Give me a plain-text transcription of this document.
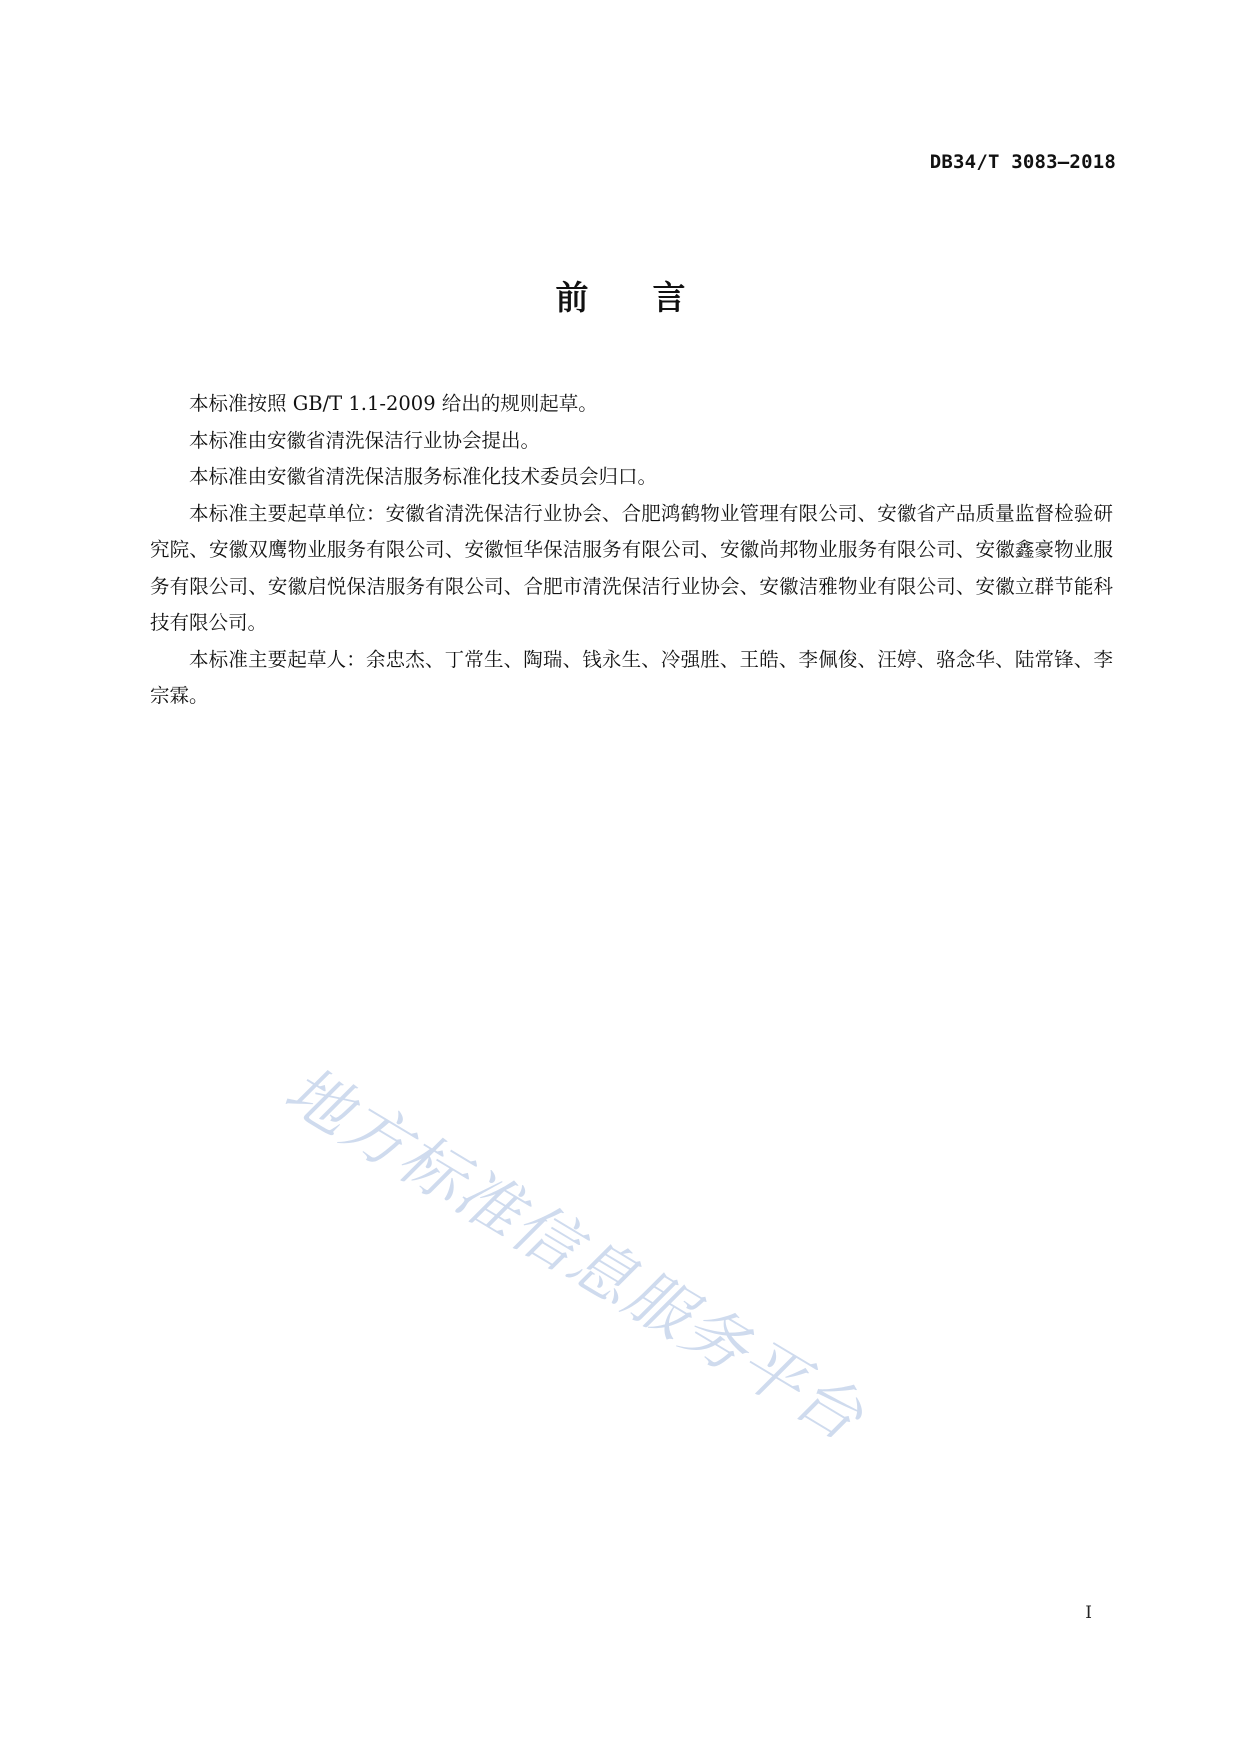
DB34/T 3083—2018
前 言

本标准按照 GB/T 1.1-2009 给出的规则起草。

本标准由安徽省清洗保洁行业协会提出。

本标准由安徽省清洗保洁服务标准化技术委员会归口。

本标准主要起草单位：安徽省清洗保洁行业协会、合肥鸿鹤物业管理有限公司、安徽省产品质量监督检验研究院、安徽双鹰物业服务有限公司、安徽恒华保洁服务有限公司、安徽尚邦物业服务有限公司、安徽鑫豪物业服务有限公司、安徽启悦保洁服务有限公司、合肥市清洗保洁行业协会、安徽洁雅物业有限公司、安徽立群节能科技有限公司。

本标准主要起草人：余忠杰、丁常生、陶瑞、钱永生、冷强胜、王皓、李佩俊、汪婷、骆念华、陆常锋、李宗霖。

地方标准信息服务平台
I
